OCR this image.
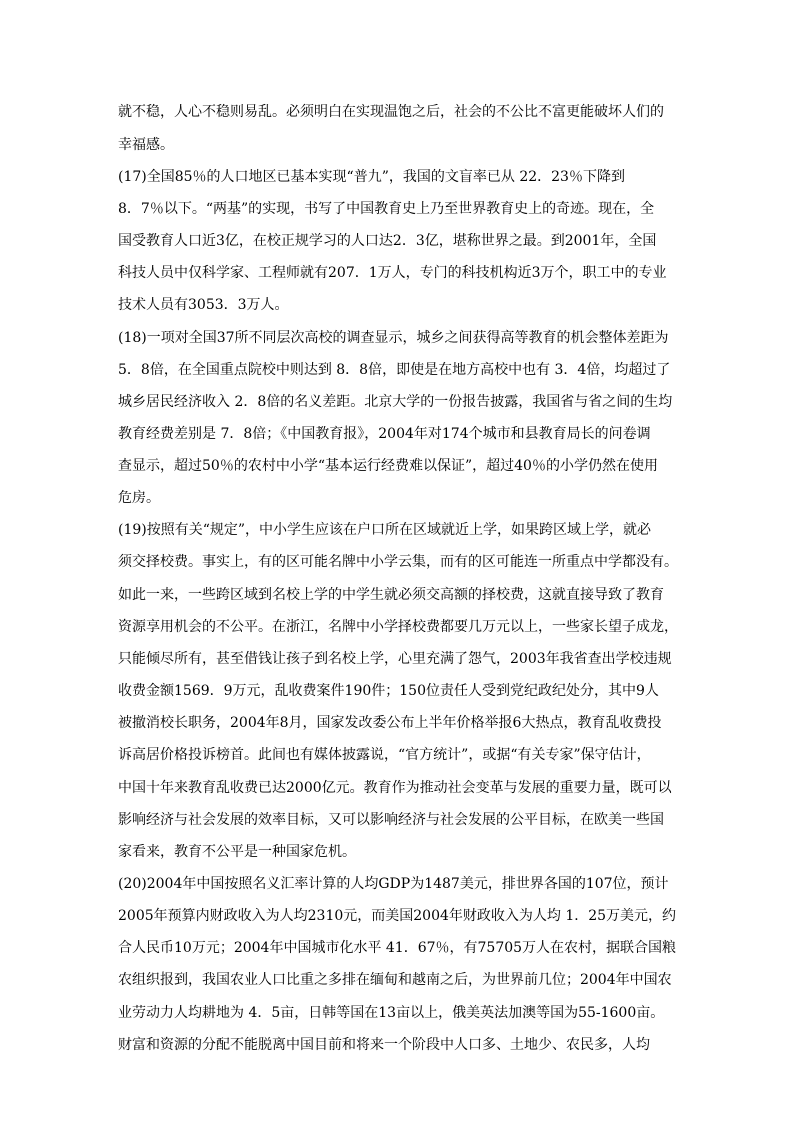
就不稳，人心不稳则易乱。必须明白在实现温饱之后，社会的不公比不富更能破坏人们的
幸福感。
(17)全国85％的人口地区已基本实现“普九”，我国的文盲率已从 22．23％下降到
8．7％以下。“两基”的实现，书写了中国教育史上乃至世界教育史上的奇迹。现在，全
国受教育人口近3亿，在校正规学习的人口达2．3亿，堪称世界之最。到2001年，全国
科技人员中仅科学家、工程师就有207．1万人，专门的科技机构近3万个，职工中的专业
技术人员有3053．3万人。
(18)一项对全国37所不同层次高校的调查显示，城乡之间获得高等教育的机会整体差距为
5．8倍，在全国重点院校中则达到 8．8倍，即使是在地方高校中也有 3．4倍，均超过了
城乡居民经济收入 2．8倍的名义差距。北京大学的一份报告披露，我国省与省之间的生均
教育经费差别是 7．8倍；《中国教育报》，2004年对174个城市和县教育局长的问卷调
查显示，超过50％的农村中小学“基本运行经费难以保证”，超过40％的小学仍然在使用
危房。
(19)按照有关“规定”，中小学生应该在户口所在区域就近上学，如果跨区域上学，就必
须交择校费。事实上，有的区可能名牌中小学云集，而有的区可能连一所重点中学都没有。
如此一来，一些跨区域到名校上学的中学生就必须交高额的择校费，这就直接导致了教育
资源享用机会的不公平。在浙江，名牌中小学择校费都要几万元以上，一些家长望子成龙，
只能倾尽所有，甚至借钱让孩子到名校上学，心里充满了怨气，2003年我省查出学校违规
收费金额1569．9万元，乱收费案件190件；150位责任人受到党纪政纪处分，其中9人
被撤消校长职务，2004年8月，国家发改委公布上半年价格举报6大热点，教育乱收费投
诉高居价格投诉榜首。此间也有媒体披露说，“官方统计”，或据“有关专家”保守估计，
中国十年来教育乱收费已达2000亿元。教育作为推动社会变革与发展的重要力量，既可以
影响经济与社会发展的效率目标，又可以影响经济与社会发展的公平目标，在欧美一些国
家看来，教育不公平是一种国家危机。
(20)2004年中国按照名义汇率计算的人均GDP为1487美元，排世界各国的107位，预计
2005年预算内财政收入为人均2310元，而美国2004年财政收入为人均 1．25万美元，约
合人民币10万元；2004年中国城市化水平 41．67％，有75705万人在农村，据联合国粮
农组织报到，我国农业人口比重之多排在缅甸和越南之后，为世界前几位；2004年中国农
业劳动力人均耕地为 4．5亩，日韩等国在13亩以上，俄美英法加澳等国为55-1600亩。
财富和资源的分配不能脱离中国目前和将来一个阶段中人口多、土地少、农民多，人均
